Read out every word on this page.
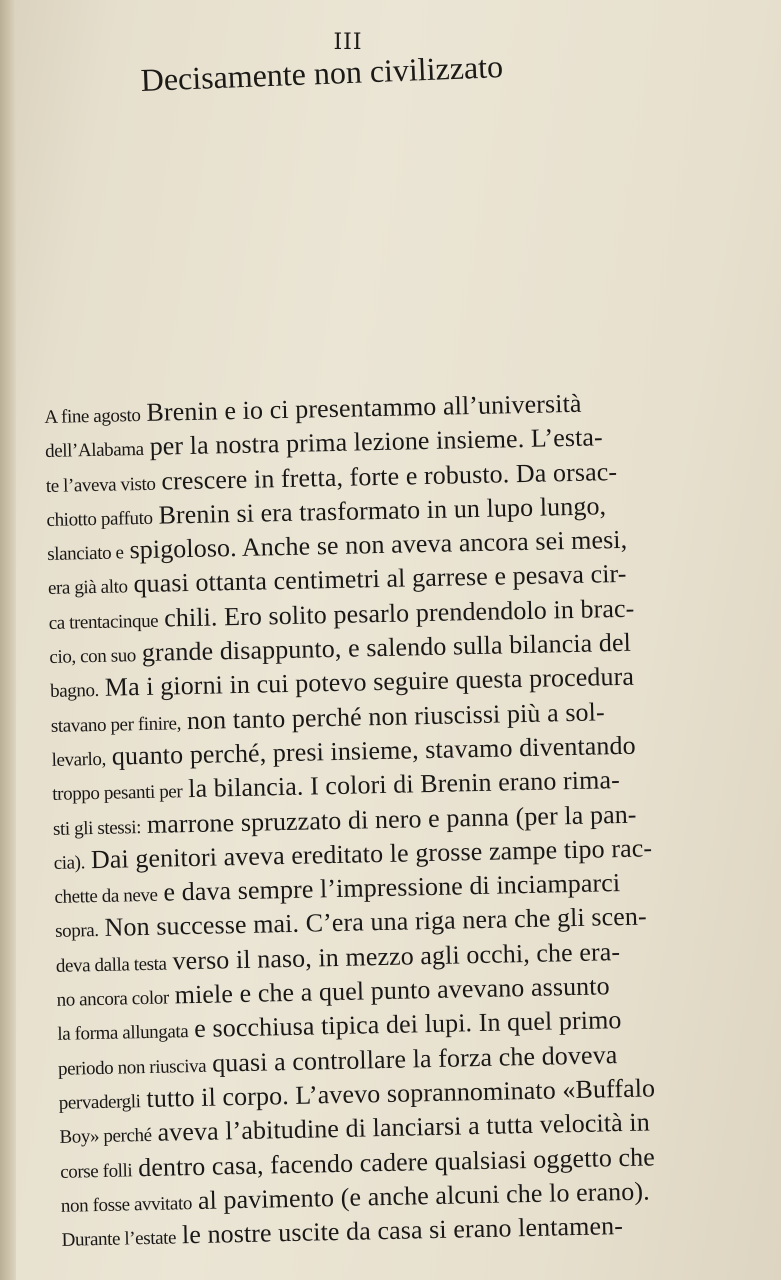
III
Decisamente non civilizzato
A fine agosto Brenin e io ci presentammo all’università
dell’Alabama per la nostra prima lezione insieme. L’esta-
te l’aveva visto crescere in fretta, forte e robusto. Da orsac-
chiotto paffuto Brenin si era trasformato in un lupo lungo,
slanciato e spigoloso. Anche se non aveva ancora sei mesi,
era già alto quasi ottanta centimetri al garrese e pesava cir-
ca trentacinque chili. Ero solito pesarlo prendendolo in brac-
cio, con suo grande disappunto, e salendo sulla bilancia del
bagno. Ma i giorni in cui potevo seguire questa procedura
stavano per finire, non tanto perché non riuscissi più a sol-
levarlo, quanto perché, presi insieme, stavamo diventando
troppo pesanti per la bilancia. I colori di Brenin erano rima-
sti gli stessi: marrone spruzzato di nero e panna (per la pan-
cia). Dai genitori aveva ereditato le grosse zampe tipo rac-
chette da neve e dava sempre l’impressione di inciamparci
sopra. Non successe mai. C’era una riga nera che gli scen-
deva dalla testa verso il naso, in mezzo agli occhi, che era-
no ancora color miele e che a quel punto avevano assunto
la forma allungata e socchiusa tipica dei lupi. In quel primo
periodo non riusciva quasi a controllare la forza che doveva
pervadergli tutto il corpo. L’avevo soprannominato «Buffalo
Boy» perché aveva l’abitudine di lanciarsi a tutta velocità in
corse folli dentro casa, facendo cadere qualsiasi oggetto che
non fosse avvitato al pavimento (e anche alcuni che lo erano).
Durante l’estate le nostre uscite da casa si erano lentamen-
